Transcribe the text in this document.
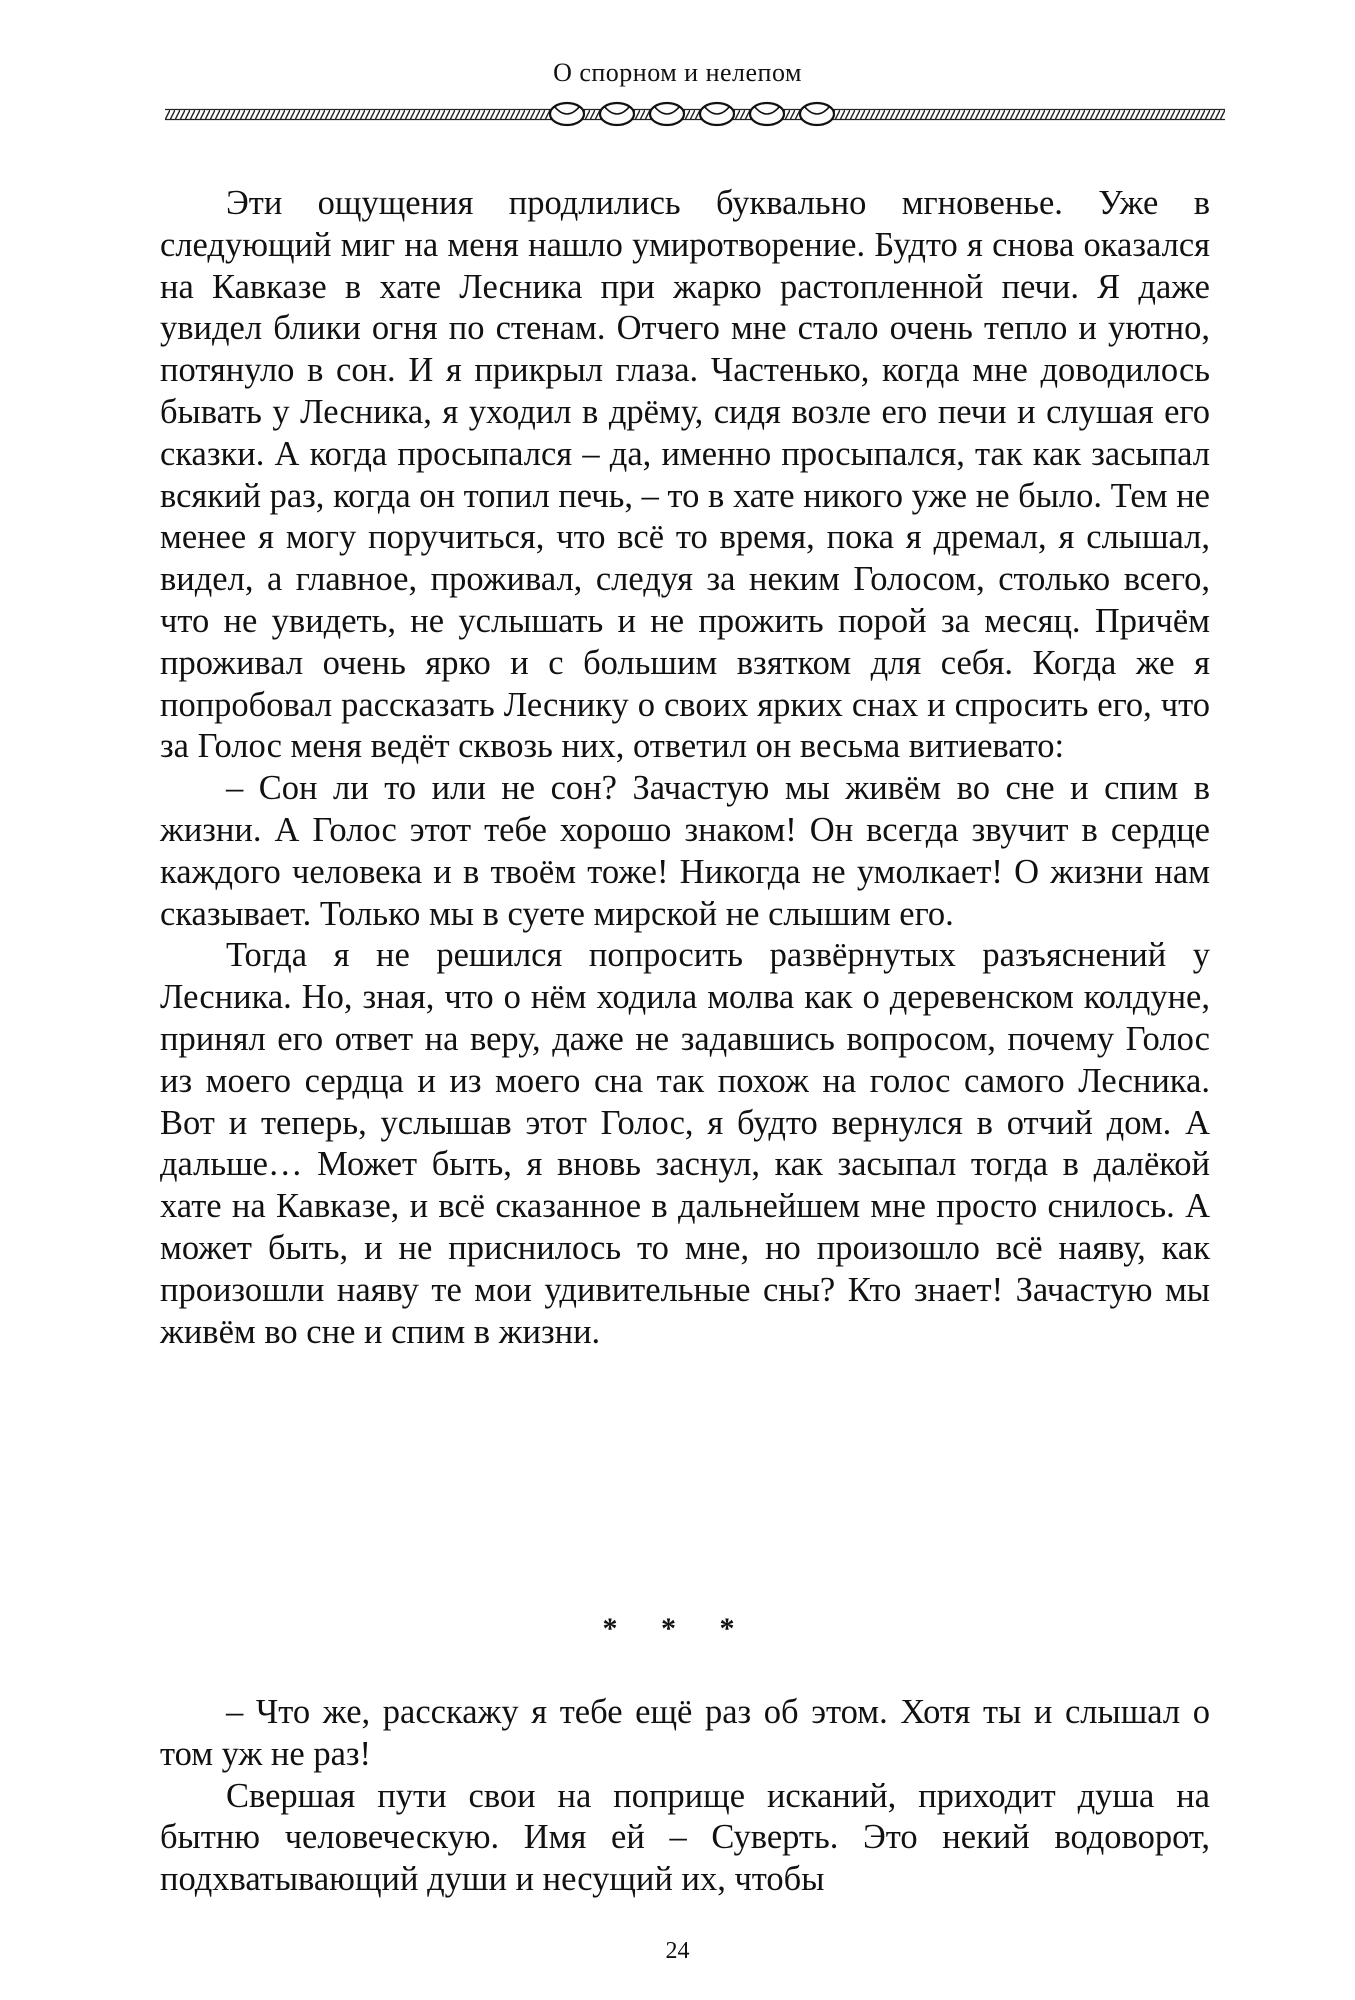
О спорном и нелепом

Эти ощущения продлились буквально мгновенье. Уже в следующий миг на меня нашло умиротворение. Будто я снова оказался на Кавказе в хате Лесника при жарко растопленной печи. Я даже увидел блики огня по стенам. Отчего мне стало очень тепло и уютно, потянуло в сон. И я прикрыл глаза. Частенько, когда мне доводилось бывать у Лесника, я уходил в дрёму, сидя возле его печи и слушая его сказки. А когда просыпался – да, именно просыпался, так как засыпал всякий раз, когда он топил печь, – то в хате никого уже не было. Тем не менее я могу поручиться, что всё то время, пока я дремал, я слышал, видел, а главное, проживал, следуя за неким Голосом, столько всего, что не увидеть, не услышать и не прожить порой за месяц. Причём проживал очень ярко и с большим взятком для себя. Когда же я попробовал рассказать Леснику о своих ярких снах и спросить его, что за Голос меня ведёт сквозь них, ответил он весьма витиевато:

– Сон ли то или не сон? Зачастую мы живём во сне и спим в жизни. А Голос этот тебе хорошо знаком! Он всегда звучит в сердце каждого человека и в твоём тоже! Никогда не умолкает! О жизни нам сказывает. Только мы в суете мирской не слышим его.

Тогда я не решился попросить развёрнутых разъяснений у Лесника. Но, зная, что о нём ходила молва как о деревенском колдуне, принял его ответ на веру, даже не задавшись вопросом, почему Голос из моего сердца и из моего сна так похож на голос самого Лесника. Вот и теперь, услышав этот Голос, я будто вернулся в отчий дом. А дальше… Может быть, я вновь заснул, как засыпал тогда в далёкой хате на Кавказе, и всё сказанное в дальнейшем мне просто снилось. А может быть, и не приснилось то мне, но произошло всё наяву, как произошли наяву те мои удивительные сны? Кто знает! Зачастую мы живём во сне и спим в жизни.

* * *

– Что же, расскажу я тебе ещё раз об этом. Хотя ты и слышал о том уж не раз!

Свершая пути свои на поприще исканий, приходит душа на бытню человеческую. Имя ей – Суверть. Это некий водоворот, подхватывающий души и несущий их, чтобы

24
